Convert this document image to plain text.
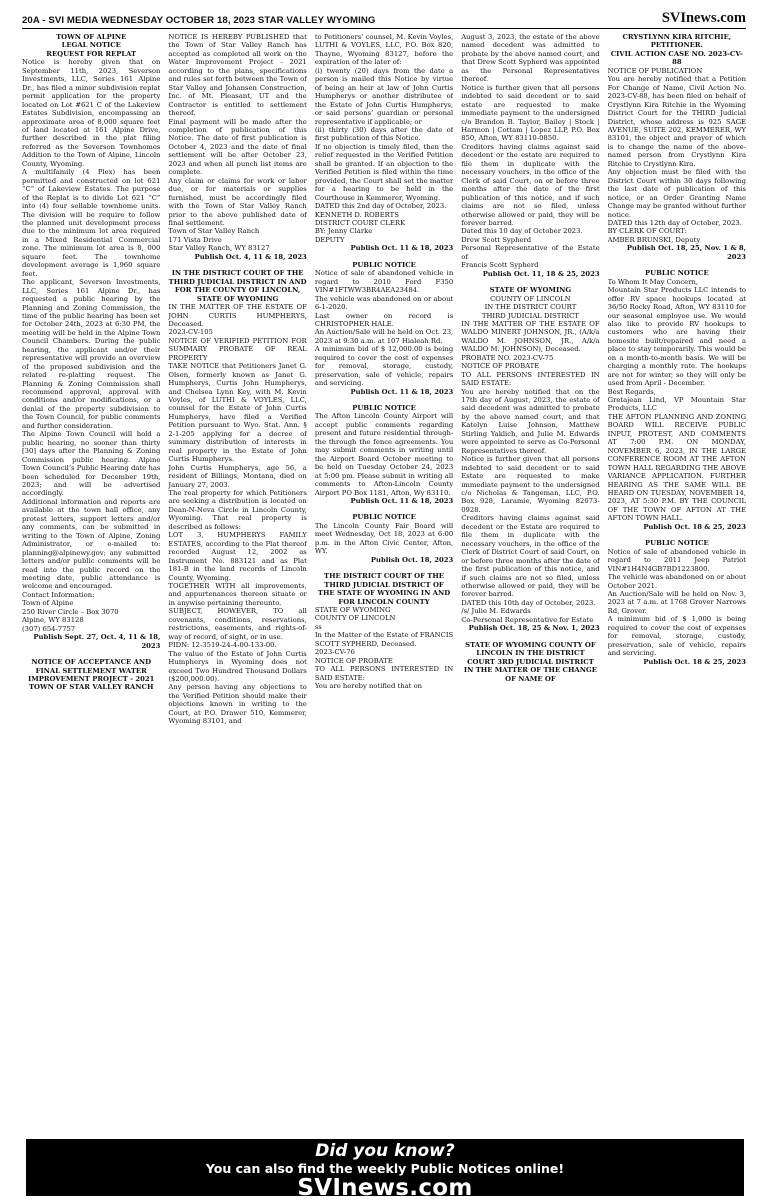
20A - SVI MEDIA WEDNESDAY OCTOBER 18, 2023 STAR VALLEY WYOMING	SVInews.com

TOWN OF ALPINE

LEGAL NOTICE

REQUEST FOR REPLAT

Notice is hereby given that on September 11th, 2023, Severson Investments, LLC, Series 161 Alpine Dr., has filed a minor subdivision replat permit application for the property located on Lot #621 C of the Lakeview Estates Subdivision, encompassing an approximate area of 8,000 square feet of land located at 161 Alpine Drive, further described in the plat filing referred as the Severson Townhomes Addition to the Town of Alpine, Lincoln County, Wyoming.

A multifamily (4 Plex) has been permitted and constructed on lot 621 “C” of Lakeview Estates. The purpose of the Replat is to divide Lot 621 “C” into (4) four sellable townhome units. The division will be require to follow the planned unit development process due to the minimum lot area required in a Mixed Residential Commercial zone. The minimum lot area is 8, 000 square feet. The townhome development average is 1,960 square feet.

The applicant, Severson Investments, LLC, Series 161 Alpine Dr., has requested a public hearing by the Planning and Zoning Commission, the time of the public hearing has been set for October 24th, 2023 at 6:30 PM, the meeting will be held in the Alpine Town Council Chambers. During the public hearing, the applicant and/or their representative will provide an overview of the proposed subdivision and the related re-platting request. The Planning & Zoning Commission shall recommend approval, approval with conditions and/or modifications, or a denial of the property subdivision to the Town Council, for public comments and further consideration.

The Alpine Town Council will hold a public hearing, no sooner than thirty [30] days after the Planning & Zoning Commission public hearing. Alpine Town Council’s Public Hearing date has been scheduled for December 19th, 2023; and will be advertised accordingly.

Additional information and reports are available at the town hall office, any protest letters, support letters and/or any comments, can be submitted in writing to the Town of Alpine, Zoning Administrator, or e-mailed to: planning@alpinewy.gov; any submitted letters and/or public comments will be read into the public record on the meeting date, public attendance is welcome and encouraged.

Contact Information:

Town of Alpine

250 River Circle – Box 3070

Alpine, WY 83128

(307) 654-7757

Publish Sept. 27, Oct. 4, 11 & 18, 2023

NOTICE OF ACCEPTANCE AND FINAL SETTLEMENT WATER IMPROVEMENT PROJECT - 2021 TOWN OF STAR VALLEY RANCH

NOTICE IS HEREBY PUBLISHED that the Town of Star Valley Ranch has accepted as completed all work on the Water Improvement Project - 2021 according to the plans, specifications and rules set forth between the Town of Star Valley and Johansen Construction, Inc. of Mt. Pleasant, UT and the Contractor is entitled to settlement thereof.

Final payment will be made after the completion of publication of this Notice. The date of first publication is October 4, 2023 and the date of final settlement will be after October 23, 2023 and when all punch list items are complete.

Any claim or claims for work or labor due, or for materials or supplies furnished, must be accordingly filed with the Town of Star Valley Ranch prior to the above published date of final settlement.

Town of Star Valley Ranch

171 Vista Drive

Star Valley Ranch, WY 83127

Publish Oct. 4, 11 & 18, 2023

IN THE DISTRICT COURT OF THE THIRD JUDICIAL DISTRICT IN AND FOR THE COUNTY OF LINCOLN, STATE OF WYOMING

IN THE MATTER OF THE ESTATE OF JOHN CURTIS HUMPHERYS, Deceased.

2023-CV-105

NOTICE OF VERIFIED PETITION FOR SUMMARY PROBATE OF REAL PROPERTY

TAKE NOTICE that Petitioners Janet G. Olsen, formerly known as Janet G. Humpherys, Curtis John Humpherys, and Chelsea Lynn Key, with M. Kevin Voyles, of LUTHI & VOYLES, LLC, counsel for the Estate of John Curtis Humpherys, have filed a Verified Petition pursuant to Wyo. Stat. Ann. § 2-1-205 applying for a decree of summary distribution of interests in real property in the Estate of John Curtis Humpherys.

John Curtis Humpherys, age 56, a resident of Billings, Montana, died on January 27, 2003.

The real property for which Petitioners are seeking a distribution is located on Dean-N-Neva Circle in Lincoln County, Wyoming. That real property is described as follows:

LOT 3, HUMPHERYS FAMILY ESTATES, according to the Plat thereof recorded August 12, 2002 as Instrument No. 883121 and as Plat 181-B in the land records of Lincoln County, Wyoming.

TOGETHER WITH all improvements, and appurtenances thereon situate or in anywise pertaining thereunto.

SUBJECT, HOWEVER, TO all covenants, conditions, reservations, restrictions, easements, and rights-of-way of record, of sight, or in use.

PIDN: 12-3519-24-4-00-133-00.

The value of the Estate of John Curtis Humpherys in Wyoming does not exceed Two Hundred Thousand Dollars ($200,000.00).

Any person having any objections to the Verified Petition should make their objections known in writing to the Court, at P.O. Drawer 510, Kemmerer, Wyoming 83101, and

to Petitioners’ counsel, M. Kevin Voyles, LUTHI & VOYLES, LLC, P.O. Box 820, Thayne, Wyoming 83127, before the expiration of the later of:

(i) twenty (20) days from the date a person is mailed this Notice by virtue of being an heir at law of John Curtis Humpherys or another distributee of the Estate of John Curtis Humpherys, or said persons’ guardian or personal representative if applicable; or

(ii) thirty (30) days after the date of first publication of this Notice.

If no objection is timely filed, then the relief requested in the Verified Petition shall be granted. If an objection to the Verified Petition is filed within the time provided, the Court shall set the matter for a hearing to be held in the Courthouse in Kemmerer, Wyoming.

DATED this 2nd day of October, 2023.

KENNETH D. ROBERTS

DISTRICT COURT CLERK

BY: Jenny Clarke

DEPUTY

Publish Oct. 11 & 18, 2023

PUBLIC NOTICE

Notice of sale of abandoned vehicle in regard to 2010 Ford F350 VIN#1FTWW3BR4AEA23484.

The vehicle was abandoned on or about 6-1-2020.

Last owner on record is CHRISTOPHER HALE.

An Auction/Sale will be held on Oct. 23, 2023 at 9:30 a.m. at 107 Hialeah Rd.

A minimum bid of $ 12,000.00 is being required to cover the cost of expenses for removal, storage, custody, preservation, sale of vehicle, repairs and servicing.

Publish Oct. 11 & 18, 2023

PUBLIC NOTICE

The Afton Lincoln County Airport will accept public comments regarding present and future residential through-the through the fence agreements. You may submit comments in writing until the Airport Board October meeting to be held on Tuesday October 24, 2023 at 5:00 pm. Please submit in writing all comments to Afton-Lincoln County Airport PO Box 1181, Afton, Wy 83110.

Publish Oct. 11 & 18, 2023

PUBLIC NOTICE

The Lincoln County Fair Board will meet Wednesday, Oct 18, 2023 at 6:00 p.m. in the Afton Civic Center, Afton, WY.

Publish Oct. 18, 2023

THE DISTRICT COURT OF THE THIRD JUDICIAL DISTRICT OF THE STATE OF WYOMING IN AND FOR LINCOLN COUNTY

STATE OF WYOMING

COUNTY OF LINCOLN

ss

In the Matter of the Estate of FRANCIS SCOTT SYPHERD, Deceased.

2023-CV-76

NOTICE OF PROBATE

TO ALL PERSONS INTERESTED IN SAID ESTATE:

You are hereby notified that on

August 3, 2023, the estate of the above named decedent was admitted to probate by the above named court, and that Drew Scott Sypherd was appointed as the Personal Representatives thereof.

Notice is further given that all persons indebted to said decedent or to said estate are requested to make immediate payment to the undersigned c/o Brandon B. Taylor, Bailey | Stock | Harmon | Cottam | Lopez LLP, P.O. Box 850, Afton, WY 83110-0850.

Creditors having claims against said decedent or the estate are required to file them in duplicate with the necessary vouchers, in the office of the Clerk of said Court, on or before three months after the date of the first publication of this notice, and if such claims are not so filed, unless otherwise allowed or paid, they will be forever barred.

Dated this 10 day of October 2023.

Drew Scott Sypherd

Personal Representative of the Estate of

Francis Scott Sypherd

Publish Oct. 11, 18 & 25, 2023

STATE OF WYOMING

COUNTY OF LINCOLN

IN THE DISTRICT COURT

THIRD JUDICIAL DISTRICT

IN THE MATTER OF THE ESTATE OF WALDO MINERT JOHNSON, JR., (A/k/a WALDO M. JOHNSON, JR., A/k/a WALDO M. JOHNSON), Deceased.

PROBATE NO. 2023-CV-75

NOTICE OF PROBATE

TO ALL PERSONS INTERESTED IN SAID ESTATE:

You are hereby notified that on the 17th day of August, 2023, the estate of said decedent was admitted to probate by the above named court, and that Katelyn Luise Johnson, Matthew Stirling Yaklich, and Julie M. Edwards were appointed to serve as Co-Personal Representatives thereof.

Notice is further given that all persons indebted to said decedent or to said Estate are requested to make immediate payment to the undersigned c/o Nicholas & Tangeman, LLC, P.O. Box 928, Laramie, Wyoming 82073-0928.

Creditors having claims against said decedent or the Estate are required to file them in duplicate with the necessary vouchers, in the office of the Clerk of District Court of said Court, on or before three months after the date of the first publication of this notice, and if such claims are not so filed, unless otherwise allowed or paid, they will be forever barred.

DATED this 10th day of October, 2023.

/s/ Julie M. Edwards

Co-Personal Representative for Estate

Publish Oct. 18, 25 & Nov. 1, 2023

STATE OF WYOMING COUNTY OF LINCOLN IN THE DISTRICT COURT 3RD JUDICIAL DISTRICT IN THE MATTER OF THE CHANGE OF NAME OF

CRYSTLYNN KIRA RITCHIE, PETITIONER.

CIVIL ACTION CASE NO. 2023-CV-88

NOTICE OF PUBLICATION

You are hereby notified that a Petition For Change of Name, Civil Action No. 2023-CV-88, has been filed on behalf of Crystlynn Kira Ritchie in the Wyoming District Court for the THIRD Judicial District, whose address is 925 SAGE AVENUE, SUITE 202, KEMMERER, WY 83101, the object and prayer of which is to change the name of the above-named person from Crystlynn Kira Ritchie to Crystlynn Kira.

Any objection must be filed with the District Court within 30 days following the last date of publication of this notice, or an Order Granting Name Change may be granted without further notice.

DATED this 12th day of October, 2023.

BY CLERK OF COURT:

AMBER BRUNSKI, Deputy

Publish Oct. 18, 25, Nov. 1 & 8, 2023

PUBLIC NOTICE

To Whom It May Concern,

Mountain Star Products LLC intends to offer RV space hookups located at 36/50 Rocky Road, Afton, WY 83110 for our seasonal employee use. We would also like to provide RV hookups to customers who are having their homesite built/repaired and need a place to stay temporarily. This would be on a month-to-month basis. We will be charging a monthly rate. The hookups are not for winter, so they will only be used from April - December.

Best Regards,

Gretajean Lind, VP Mountain Star Products, LLC

THE AFTON PLANNING AND ZONING BOARD WILL RECEIVE PUBLIC INPUT, PROTEST, AND COMMENTS AT 7:00 P.M. ON MONDAY, NOVEMBER 6, 2023, IN THE LARGE CONFERENCE ROOM AT THE AFTON TOWN HALL REGARDING THE ABOVE VARIANCE APPLICATION. FURTHER HEARING AS THE SAME WILL BE HEARD ON TUESDAY, NOVEMBER 14, 2023, AT 5:30 P.M. BY THE COUNCIL OF THE TOWN OF AFTON AT THE AFTON TOWN HALL.

Publish Oct. 18 & 25, 2023

PUBLIC NOTICE

Notice of sale of abandoned vehicle in regard to 2011 Jeep Patriot VIN#1H4N4GB7BD1223800.

The vehicle was abandoned on or about October 2021.

An Auction/Sale will be held on Nov. 3, 2023 at 7 a.m. at 1768 Grover Narrows Rd, Grover.

A minimum bid of $ 1,000 is being required to cover the cost of expenses for removal, storage, custody, preservation, sale of vehicle, repairs and servicing.

Publish Oct. 18 & 25, 2023

Did you know?
You can also find the weekly Public Notices online!
SVInews.com
